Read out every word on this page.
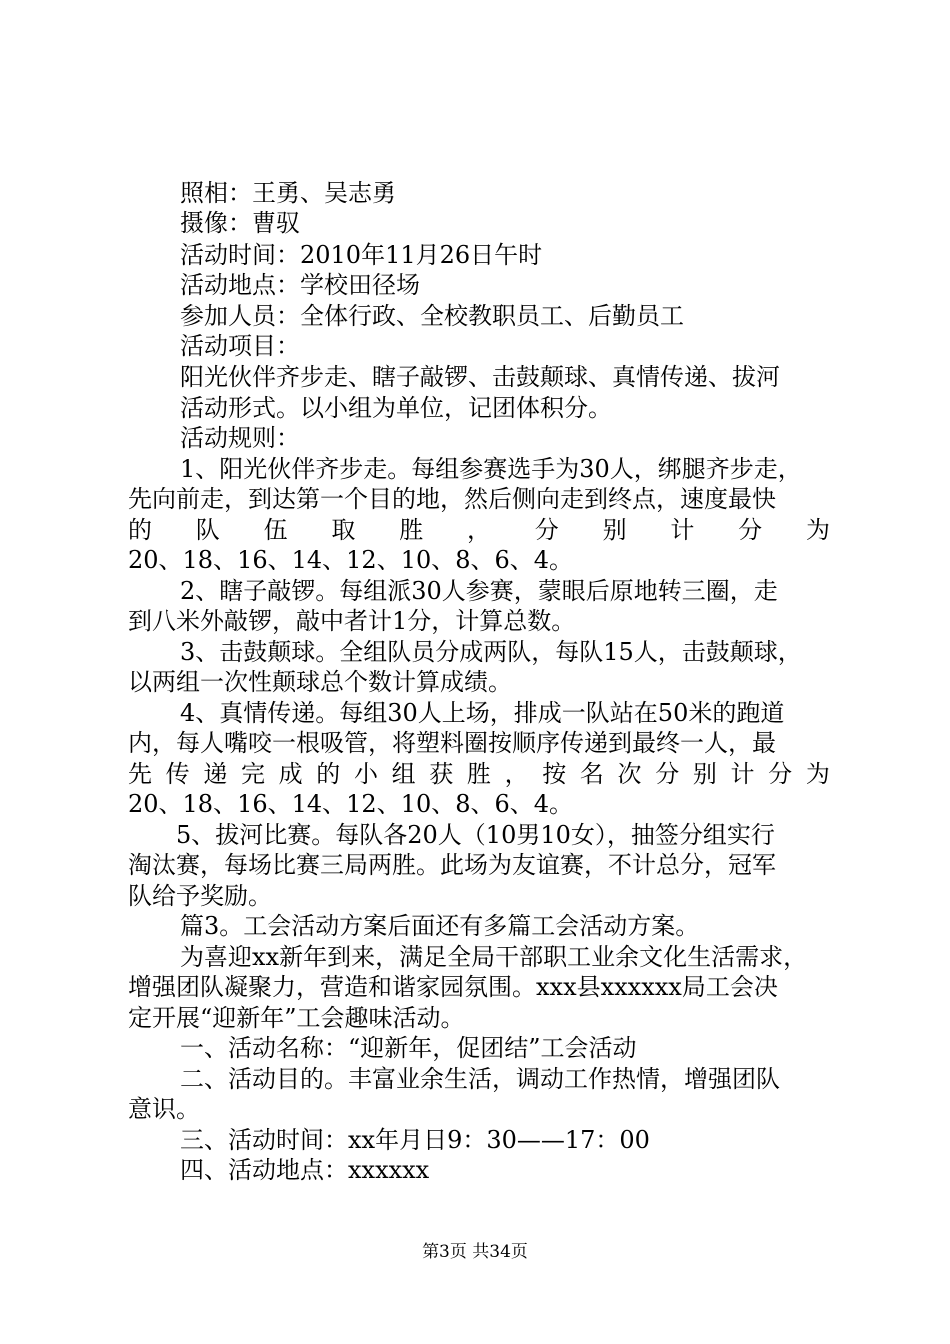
照相：王勇、吴志勇
摄像：曹驭
活动时间：2010年11月26日午时
活动地点：学校田径场
参加人员：全体行政、全校教职员工、后勤员工
活动项目：
阳光伙伴齐步走、瞎子敲锣、击鼓颠球、真情传递、拔河
活动形式。以小组为单位，记团体积分。
活动规则：
1、阳光伙伴齐步走。每组参赛选手为30人，绑腿齐步走，
先向前走，到达第一个目的地，然后侧向走到终点，速度最快
的 队 伍 取 胜 ， 分 别 计 分 为
20、18、16、14、12、10、8、6、4。
2、瞎子敲锣。每组派30人参赛，蒙眼后原地转三圈，走
到八米外敲锣，敲中者计1分，计算总数。
3、击鼓颠球。全组队员分成两队，每队15人，击鼓颠球，
以两组一次性颠球总个数计算成绩。
4、真情传递。每组30人上场，排成一队站在50米的跑道
内，每人嘴咬一根吸管，将塑料圈按顺序传递到最终一人，最
先 传 递 完 成 的 小 组 获 胜 ， 按 名 次 分 别 计 分 为
20、18、16、14、12、10、8、6、4。
5、拔河比赛。每队各20人（10男10女），抽签分组实行
淘汰赛，每场比赛三局两胜。此场为友谊赛，不计总分，冠军
队给予奖励。
篇3。工会活动方案后面还有多篇工会活动方案。
为喜迎xx新年到来，满足全局干部职工业余文化生活需求，
增强团队凝聚力，营造和谐家园氛围。xxx县xxxxxx局工会决
定开展“迎新年”工会趣味活动。
一、活动名称：“迎新年，促团结”工会活动
二、活动目的。丰富业余生活，调动工作热情，增强团队
意识。
三、活动时间：xx年月日9：30——17：00
四、活动地点：xxxxxx
第3页 共34页
